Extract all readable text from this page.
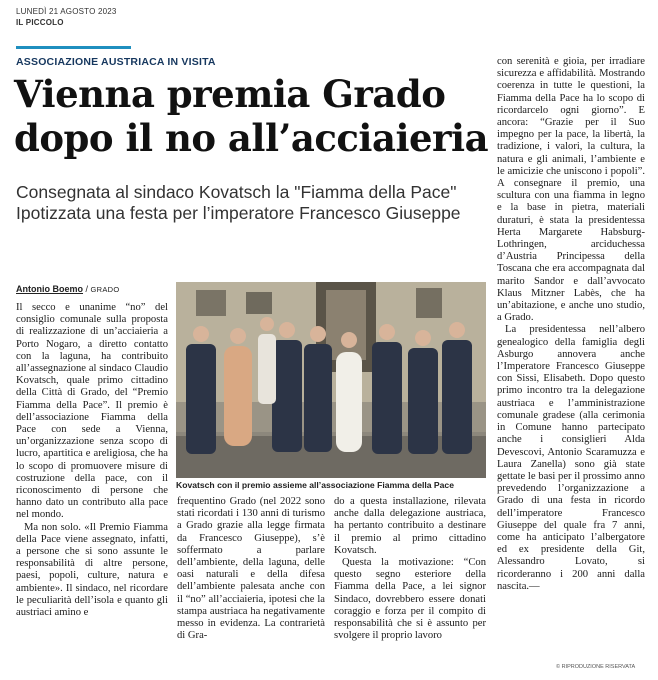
LUNEDÌ 21 AGOSTO 2023
IL PICCOLO
ASSOCIAZIONE AUSTRIACA IN VISITA
Vienna premia Grado
dopo il no all’acciaieria
Consegnata al sindaco Kovatsch la "Fiamma della Pace"
Ipotizzata una festa per l’imperatore Francesco Giuseppe
Antonio Boemo / GRADO

Il secco e unanime “no” del consiglio comunale sulla proposta di realizzazione di un’acciaieria a Porto Nogaro, a diretto contatto con la laguna, ha contribuito all’assegnazione al sindaco Claudio Kovatsch, quale primo cittadino della Città di Grado, del “Premio Fiamma della Pace”. Il premio è dell’associazione Fiamma della Pace con sede a Vienna, un’organizzazione senza scopo di lucro, apartitica e areligiosa, che ha lo scopo di promuovere misure di costruzione della pace, con il riconoscimento di persone che hanno dato un contributo alla pace nel mondo.

Ma non solo. «Il Premio Fiamma della Pace viene assegnato, infatti, a persone che si sono assunte le responsabilità di altre persone, paesi, popoli, culture, natura e ambiente». Il sindaco, nel ricordare le peculiarità dell’isola e quanto gli austriaci amino e

Kovatsch con il premio assieme all’associazione Fiamma della Pace

frequentino Grado (nel 2022 sono stati ricordati i 130 anni di turismo a Grado grazie alla legge firmata da Francesco Giuseppe), s’è soffermato a parlare dell’ambiente, della laguna, delle oasi naturali e della difesa dell’ambiente palesata anche con il “no” all’acciaieria, ipotesi che la stampa austriaca ha negativamente messo in evidenza. La contrarietà di Gra-

do a questa installazione, rilevata anche dalla delegazione austriaca, ha pertanto contribuito a destinare il premio al primo cittadino Kovatsch.

Questa la motivazione: “Con questo segno esteriore della Fiamma della Pace, a lei signor Sindaco, dovrebbero essere donati coraggio e forza per il compito di responsabilità che si è assunto per svolgere il proprio lavoro

con serenità e gioia, per irradiare sicurezza e affidabilità. Mostrando coerenza in tutte le questioni, la Fiamma della Pace ha lo scopo di ricordarcelo ogni giorno”. E ancora: “Grazie per il Suo impegno per la pace, la libertà, la tradizione, i valori, la cultura, la natura e gli animali, l’ambiente e le amicizie che uniscono i popoli”. A consegnare il premio, una scultura con una fiamma in legno e la base in pietra, materiali duraturi, è stata la presidentessa Herta Margarete Habsburg-Lothringen, arciduchessa d’Austria Principessa della Toscana che era accompagnata dal marito Sandor e dall’avvocato Klaus Mitzner Labès, che ha un’abitazione, e anche uno studio, a Grado.

La presidentessa nell’albero genealogico della famiglia degli Asburgo annovera anche l’Imperatore Francesco Giuseppe con Sissi, Elisabeth. Dopo questo primo incontro tra la delegazione austriaca e l’amministrazione comunale gradese (alla cerimonia in Comune hanno partecipato anche i consiglieri Alda Devescovi, Antonio Scaramuzza e Laura Zanella) sono già state gettate le basi per il prossimo anno prevedendo l’organizzazione a Grado di una festa in ricordo dell’imperatore Francesco Giuseppe del quale fra 7 anni, come ha anticipato l’albergatore ed ex presidente della Git, Alessandro Lovato, si ricorderanno i 200 anni dalla nascita.—

© RIPRODUZIONE RISERVATA
